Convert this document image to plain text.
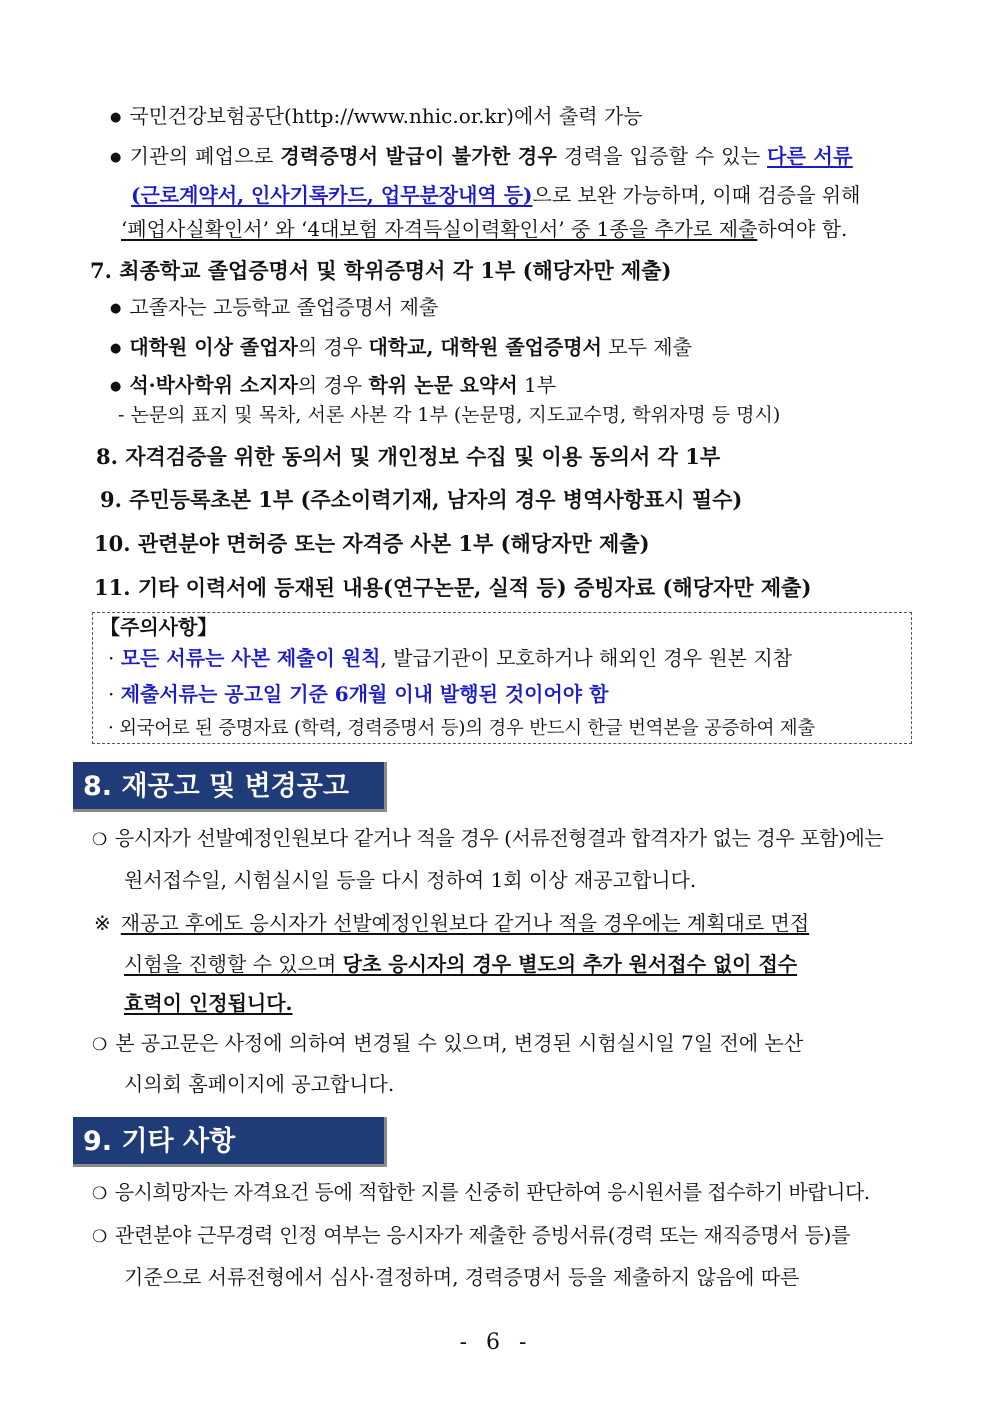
● 국민건강보험공단(http://www.nhic.or.kr)에서 출력 가능
● 기관의 폐업으로 경력증명서 발급이 불가한 경우 경력을 입증할 수 있는 다른 서류
(근로계약서, 인사기록카드, 업무분장내역 등)으로 보완 가능하며, 이때 검증을 위해
‘폐업사실확인서’ 와 ‘4대보험 자격득실이력확인서’ 중 1종을 추가로 제출하여야 함.
7. 최종학교 졸업증명서 및 학위증명서 각 1부 (해당자만 제출)
● 고졸자는 고등학교 졸업증명서 제출
● 대학원 이상 졸업자의 경우 대학교, 대학원 졸업증명서 모두 제출
● 석·박사학위 소지자의 경우 학위 논문 요약서 1부
- 논문의 표지 및 목차, 서론 사본 각 1부 (논문명, 지도교수명, 학위자명 등 명시)
8. 자격검증을 위한 동의서 및 개인정보 수집 및 이용 동의서 각 1부
9. 주민등록초본 1부 (주소이력기재, 남자의 경우 병역사항표시 필수)
10. 관련분야 면허증 또는 자격증 사본 1부 (해당자만 제출)
11. 기타 이력서에 등재된 내용(연구논문, 실적 등) 증빙자료 (해당자만 제출)
【주의사항】
· 모든 서류는 사본 제출이 원칙, 발급기관이 모호하거나 해외인 경우 원본 지참
· 제출서류는 공고일 기준 6개월 이내 발행된 것이어야 함
· 외국어로 된 증명자료 (학력, 경력증명서 등)의 경우 반드시 한글 번역본을 공증하여 제출
8. 재공고 및 변경공고
❍ 응시자가 선발예정인원보다 같거나 적을 경우 (서류전형결과 합격자가 없는 경우 포함)에는
원서접수일, 시험실시일 등을 다시 정하여 1회 이상 재공고합니다.
※ 재공고 후에도 응시자가 선발예정인원보다 같거나 적을 경우에는 계획대로 면접
시험을 진행할 수 있으며 당초 응시자의 경우 별도의 추가 원서접수 없이 접수
효력이 인정됩니다.
❍ 본 공고문은 사정에 의하여 변경될 수 있으며, 변경된 시험실시일 7일 전에 논산
시의회 홈페이지에 공고합니다.
9. 기타 사항
❍ 응시희망자는 자격요건 등에 적합한 지를 신중히 판단하여 응시원서를 접수하기 바랍니다.
❍ 관련분야 근무경력 인정 여부는 응시자가 제출한 증빙서류(경력 또는 재직증명서 등)를
기준으로 서류전형에서 심사·결정하며, 경력증명서 등을 제출하지 않음에 따른
- 6 -
